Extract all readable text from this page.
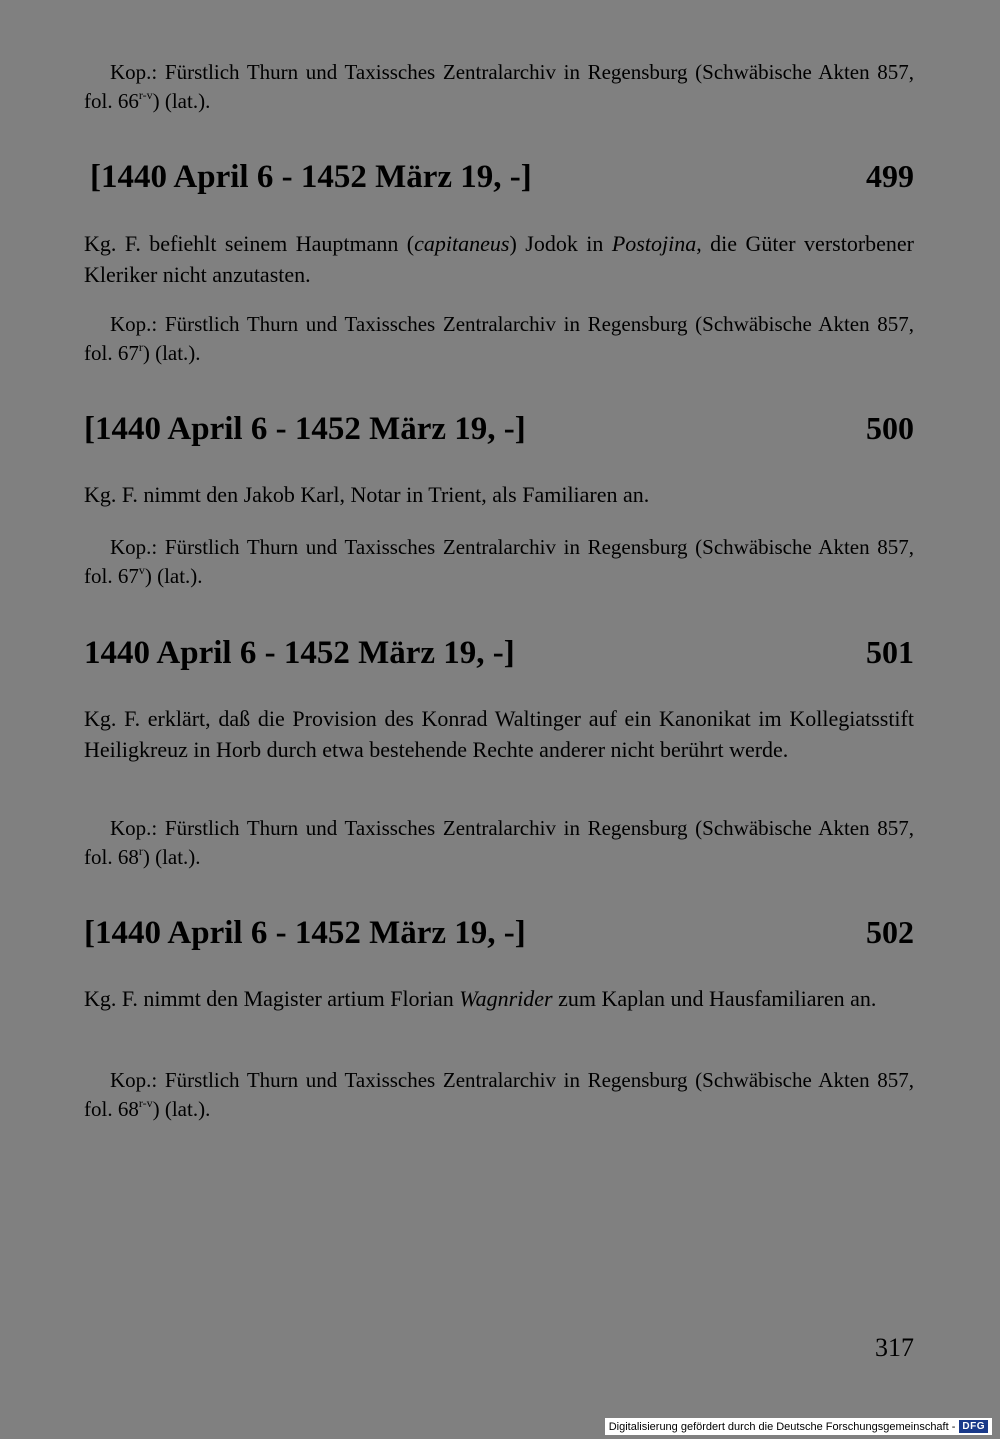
Kop.: Fürstlich Thurn und Taxissches Zentralarchiv in Regensburg (Schwäbische Akten 857, fol. 66$^{r-v}$) (lat.).

[1440 April 6 - 1452 März 19, -]	499

Kg. F. befiehlt seinem Hauptmann (capitaneus) Jodok in Postojina, die Güter verstorbener Kleriker nicht anzutasten.

Kop.: Fürstlich Thurn und Taxissches Zentralarchiv in Regensburg (Schwäbische Akten 857, fol. 67$^r$) (lat.).

[1440 April 6 - 1452 März 19, -]	500

Kg. F. nimmt den Jakob Karl, Notar in Trient, als Familiaren an.

Kop.: Fürstlich Thurn und Taxissches Zentralarchiv in Regensburg (Schwäbische Akten 857, fol. 67$^v$) (lat.).

1440 April 6 - 1452 März 19, -]	501

Kg. F. erklärt, daß die Provision des Konrad Waltinger auf ein Kanonikat im Kollegiatsstift Heiligkreuz in Horb durch etwa bestehende Rechte anderer nicht berührt werde.

Kop.: Fürstlich Thurn und Taxissches Zentralarchiv in Regensburg (Schwäbische Akten 857, fol. 68$^r$) (lat.).

[1440 April 6 - 1452 März 19, -]	502

Kg. F. nimmt den Magister artium Florian Wagnrider zum Kaplan und Hausfamiliaren an.

Kop.: Fürstlich Thurn und Taxissches Zentralarchiv in Regensburg (Schwäbische Akten 857, fol. 68$^{r-v}$) (lat.).

317
Digitalisierung gefördert durch die Deutsche Forschungsgemeinschaft - DFG
